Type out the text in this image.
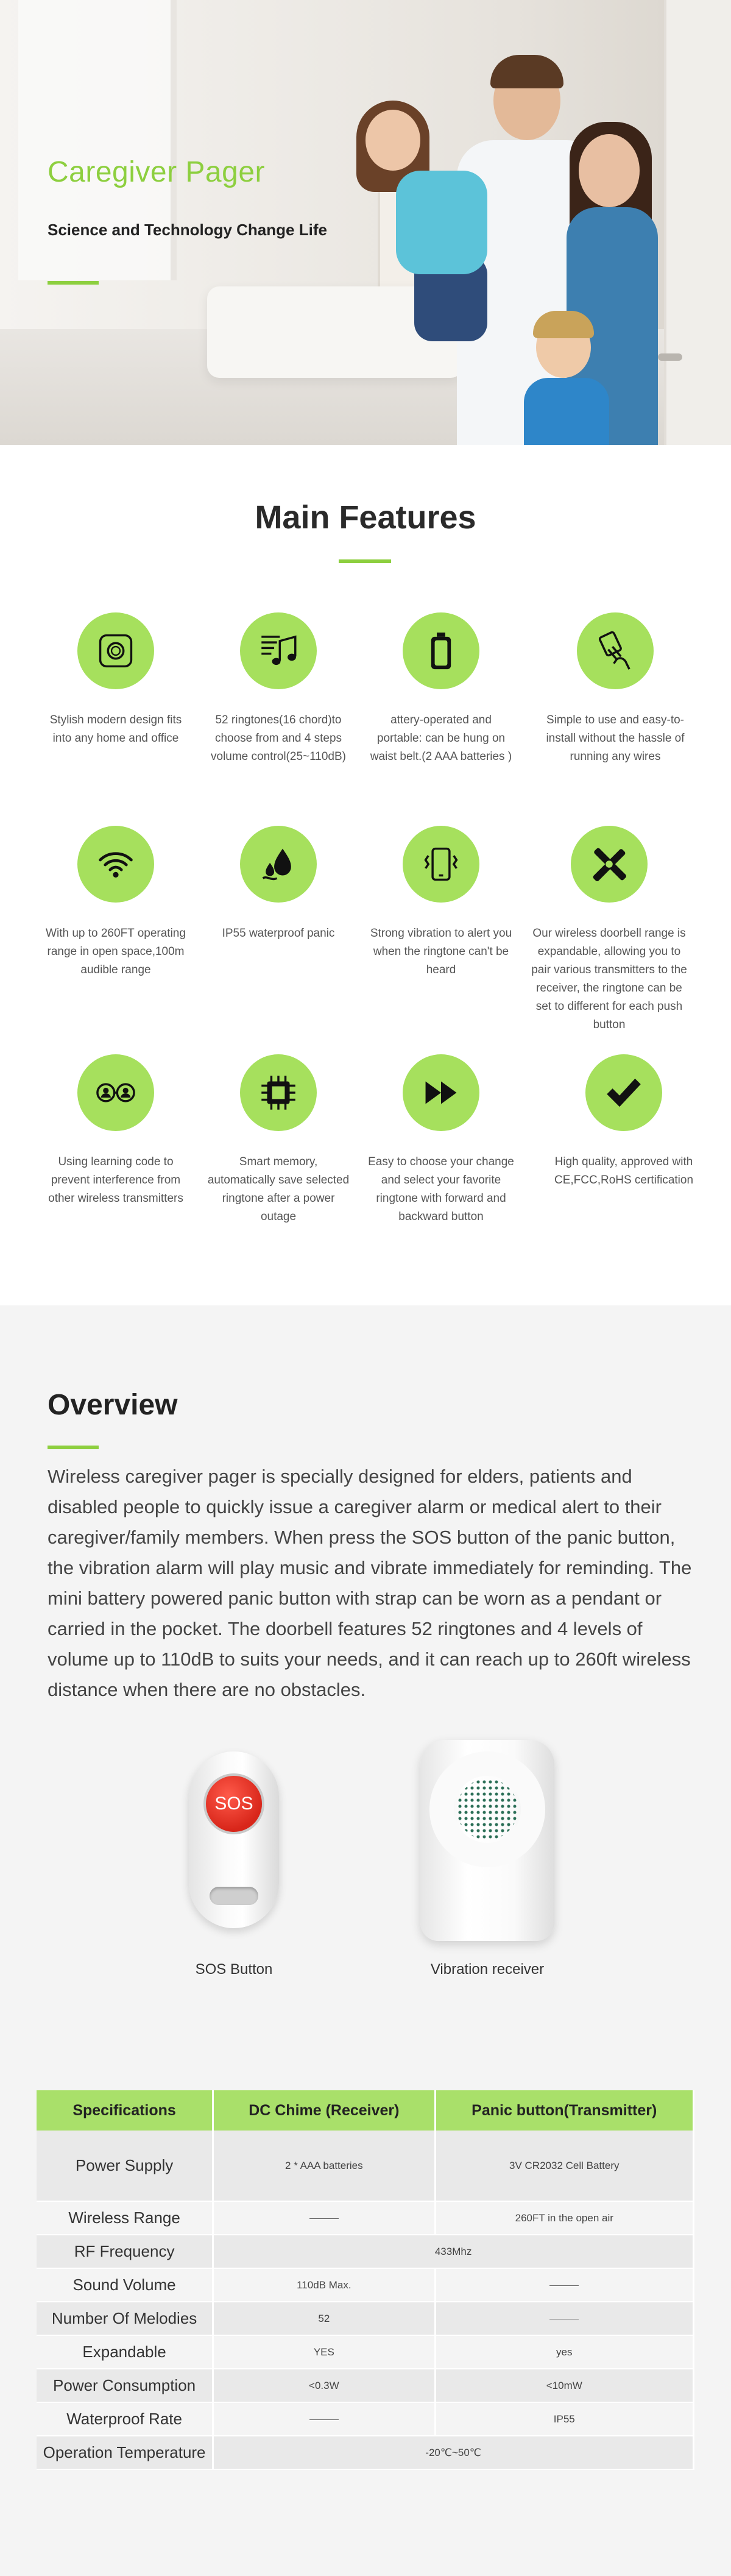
Caregiver Pager
Science and Technology Change Life
Main Features
Stylish modern design fits into any home and office
52 ringtones(16 chord)to choose from and 4 steps volume control(25~110dB)
attery-operated and portable: can be hung on waist belt.(2 AAA batteries )
Simple to use and easy-to-install without the hassle of running any wires
With up to 260FT operating range in open space,100m audible range
IP55 waterproof panic	Strong vibration to alert you when the ringtone can't be heard
Our wireless doorbell range is expandable, allowing you to pair various transmitters to the receiver, the ringtone can be set to different for each push button
Using learning code to prevent interference from other wireless transmitters
Smart memory, automatically save selected ringtone after a power outage
Easy to choose your change and select your favorite ringtone with forward and backward button
High quality, approved with CE,FCC,RoHS certification
Overview

Wireless caregiver pager is specially designed for elders, patients and disabled people to quickly issue a caregiver alarm or medical alert to their caregiver/family members. When press the SOS button of the panic button, the vibration alarm will play music and vibrate immediately for reminding. The mini battery powered panic button with strap can be worn as a pendant or carried in the pocket. The doorbell features 52 ringtones and 4 levels of volume up to 110dB to suits your needs, and it can reach up to 260ft wireless distance when there are no obstacles.

SOS
SOS Button	Vibration receiver
Specifications	DC Chime (Receiver)	Panic button(Transmitter)
Power Supply	2 * AAA batteries	3V CR2032 Cell Battery
Wireless Range		260FT in the open air
RF Frequency	433Mhz	
Sound Volume	110dB Max.	
Number Of Melodies	52	
Expandable	YES	yes
Power Consumption	<0.3W	<10mW
Waterproof Rate		IP55
Operation Temperature	-20℃~50℃	
